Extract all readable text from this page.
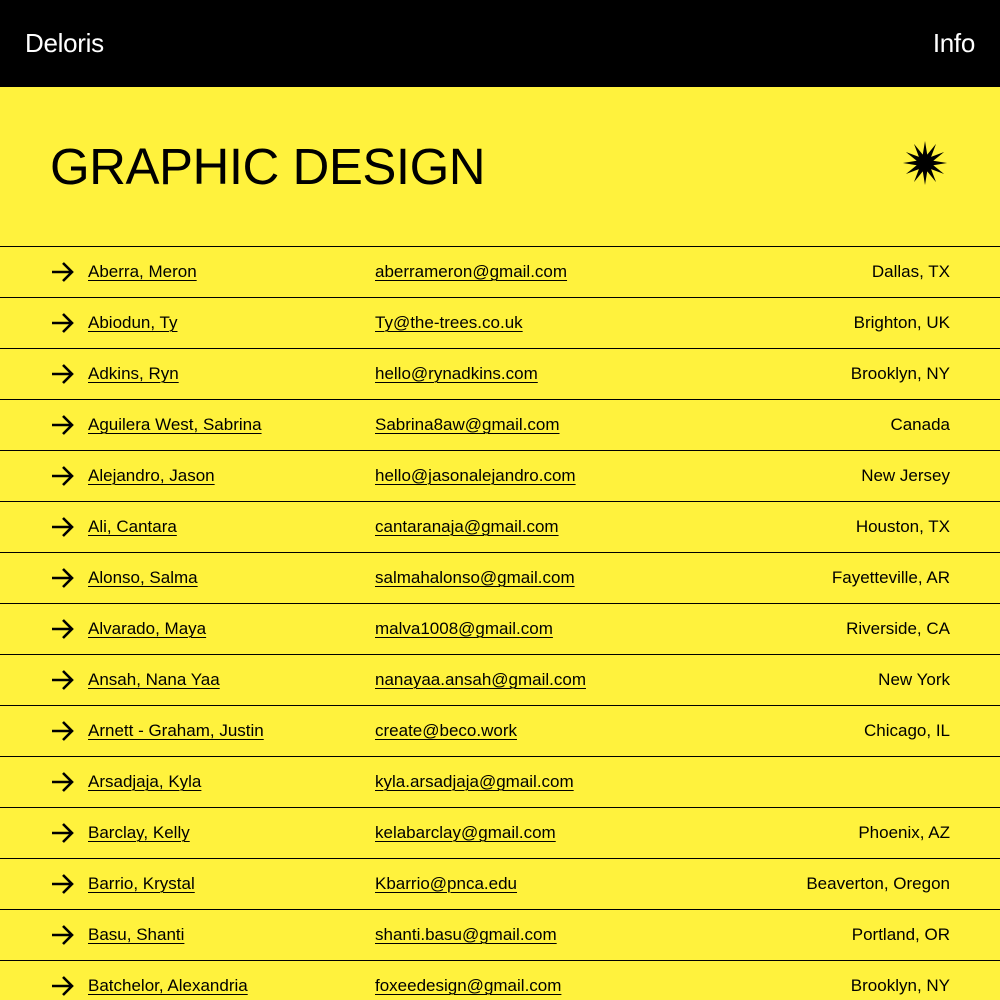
Deloris	Info
GRAPHIC DESIGN
Aberra, Meron	aberrameron@gmail.com	Dallas, TX
Abiodun, Ty	Ty@the-trees.co.uk	Brighton, UK
Adkins, Ryn	hello@rynadkins.com	Brooklyn, NY
Aguilera West, Sabrina	Sabrina8aw@gmail.com	Canada
Alejandro, Jason	hello@jasonalejandro.com	New Jersey
Ali, Cantara	cantaranaja@gmail.com	Houston, TX
Alonso, Salma	salmahalonso@gmail.com	Fayetteville, AR
Alvarado, Maya	malva1008@gmail.com	Riverside, CA
Ansah, Nana Yaa	nanayaa.ansah@gmail.com	New York
Arnett - Graham, Justin	create@beco.work	Chicago, IL
Arsadjaja, Kyla	kyla.arsadjaja@gmail.com
Barclay, Kelly	kelabarclay@gmail.com	Phoenix, AZ
Barrio, Krystal	Kbarrio@pnca.edu	Beaverton, Oregon
Basu, Shanti	shanti.basu@gmail.com	Portland, OR
Batchelor, Alexandria	foxeedesign@gmail.com	Brooklyn, NY
